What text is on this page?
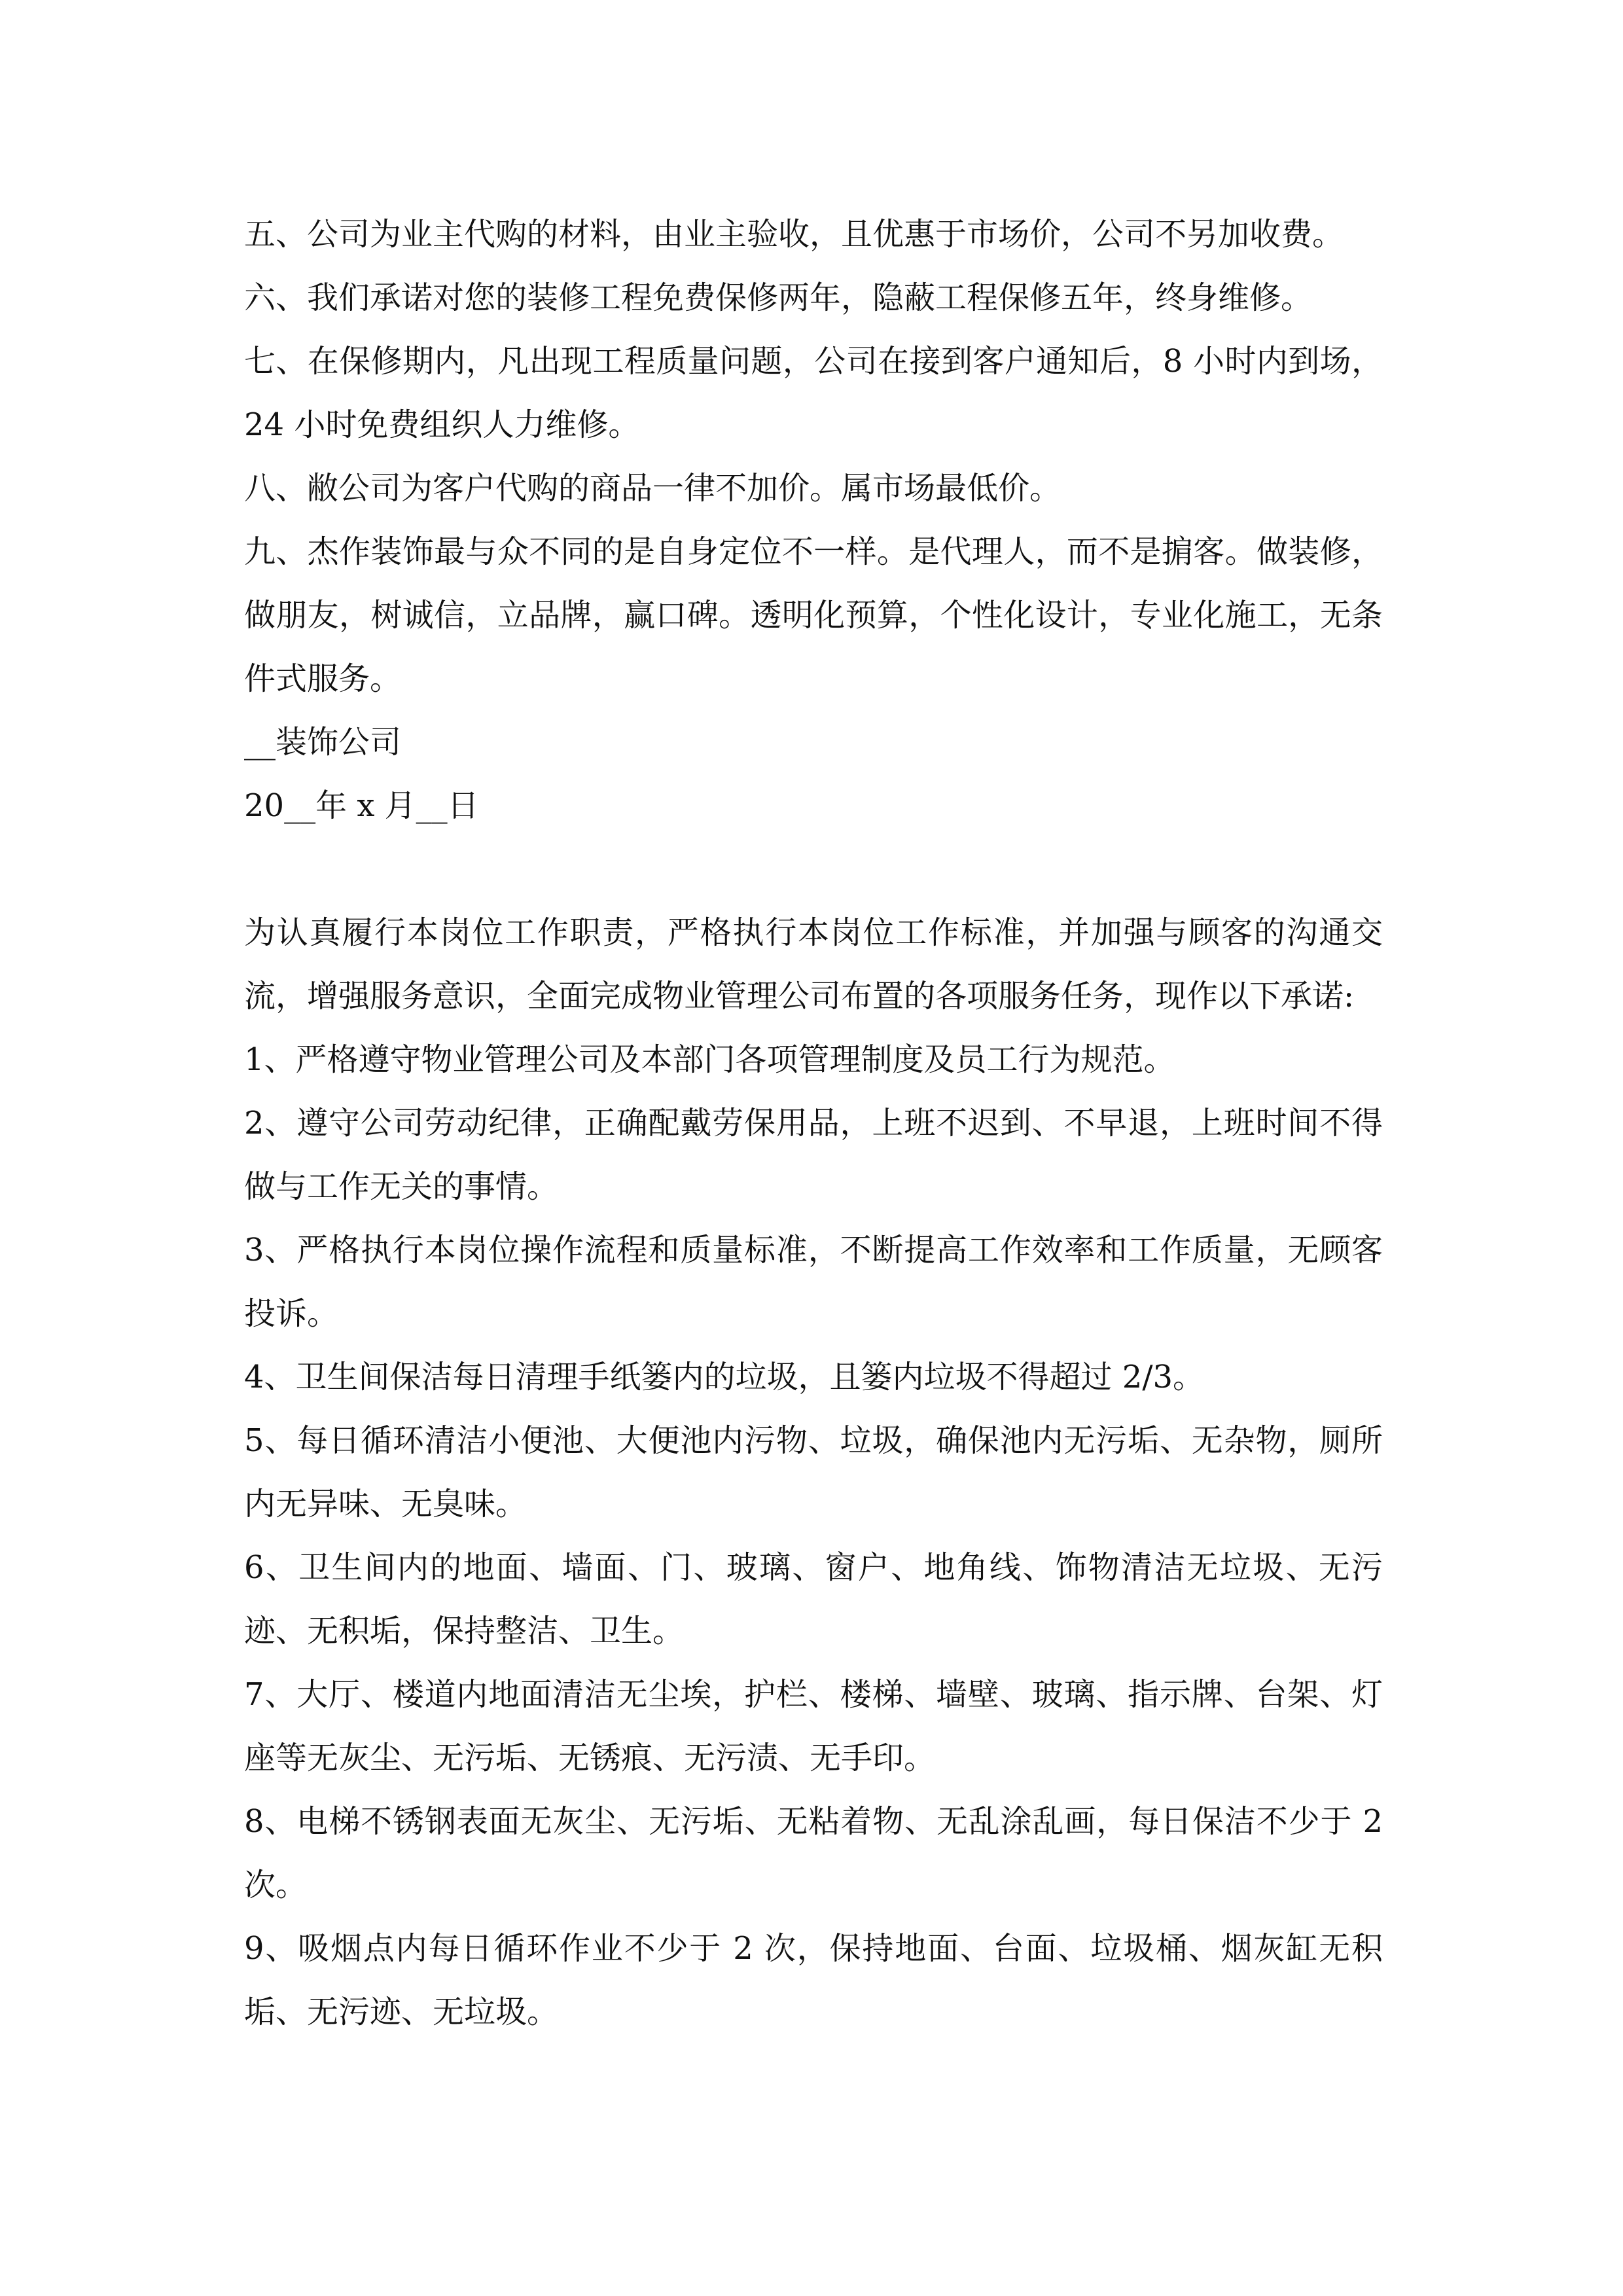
五、公司为业主代购的材料，由业主验收，且优惠于市场价，公司不另加收费。

六、我们承诺对您的装修工程免费保修两年，隐蔽工程保修五年，终身维修。

七、在保修期内，凡出现工程质量问题，公司在接到客户通知后，8 小时内到场，24 小时免费组织人力维修。

八、敝公司为客户代购的商品一律不加价。属市场最低价。

九、杰作装饰最与众不同的是自身定位不一样。是代理人，而不是掮客。做装修，做朋友，树诚信，立品牌，赢口碑。透明化预算，个性化设计，专业化施工，无条件式服务。

__装饰公司

20__年 x 月__日

为认真履行本岗位工作职责，严格执行本岗位工作标准，并加强与顾客的沟通交流，增强服务意识，全面完成物业管理公司布置的各项服务任务，现作以下承诺:

1、严格遵守物业管理公司及本部门各项管理制度及员工行为规范。

2、遵守公司劳动纪律，正确配戴劳保用品，上班不迟到、不早退，上班时间不得做与工作无关的事情。

3、严格执行本岗位操作流程和质量标准，不断提高工作效率和工作质量，无顾客投诉。

4、卫生间保洁每日清理手纸篓内的垃圾，且篓内垃圾不得超过 2/3。

5、每日循环清洁小便池、大便池内污物、垃圾，确保池内无污垢、无杂物，厕所内无异味、无臭味。

6、卫生间内的地面、墙面、门、玻璃、窗户、地角线、饰物清洁无垃圾、无污迹、无积垢，保持整洁、卫生。

7、大厅、楼道内地面清洁无尘埃，护栏、楼梯、墙壁、玻璃、指示牌、台架、灯座等无灰尘、无污垢、无锈痕、无污渍、无手印。

8、电梯不锈钢表面无灰尘、无污垢、无粘着物、无乱涂乱画，每日保洁不少于 2 次。

9、吸烟点内每日循环作业不少于 2 次，保持地面、台面、垃圾桶、烟灰缸无积垢、无污迹、无垃圾。
